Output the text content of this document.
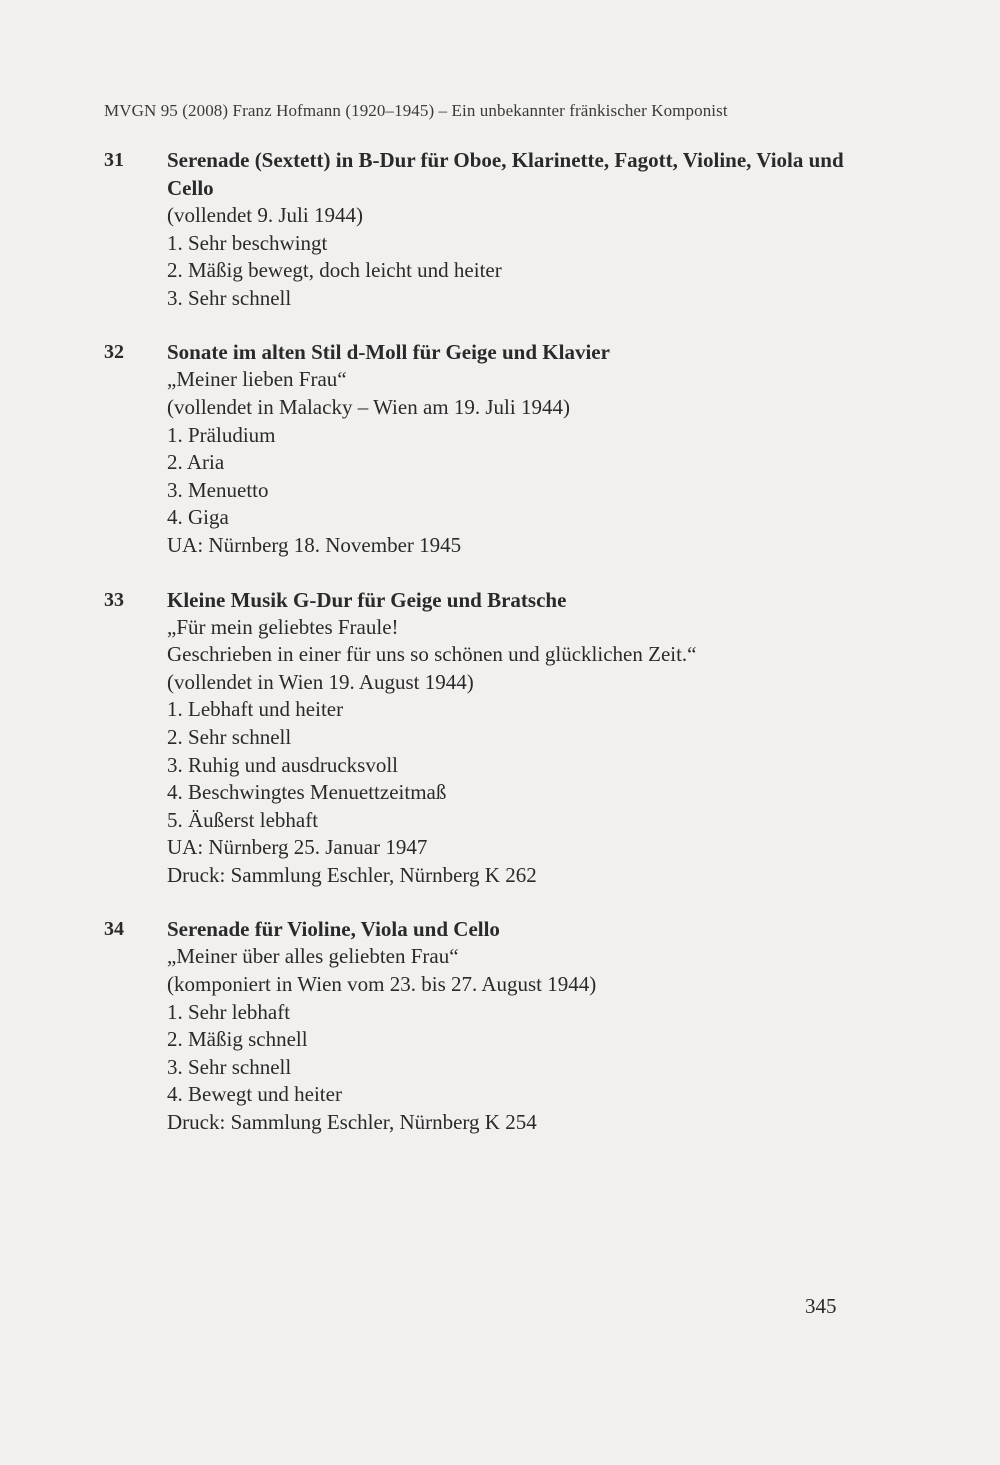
MVGN 95 (2008) Franz Hofmann (1920–1945) – Ein unbekannter fränkischer Komponist
31 Serenade (Sextett) in B-Dur für Oboe, Klarinette, Fagott, Violine, Viola und Cello
(vollendet 9. Juli 1944)
1. Sehr beschwingt
2. Mäßig bewegt, doch leicht und heiter
3. Sehr schnell
32 Sonate im alten Stil d-Moll für Geige und Klavier
„Meiner lieben Frau“
(vollendet in Malacky – Wien am 19. Juli 1944)
1. Präludium
2. Aria
3. Menuetto
4. Giga
UA: Nürnberg 18. November 1945
33 Kleine Musik G-Dur für Geige und Bratsche
„Für mein geliebtes Fraule!
Geschrieben in einer für uns so schönen und glücklichen Zeit.“
(vollendet in Wien 19. August 1944)
1. Lebhaft und heiter
2. Sehr schnell
3. Ruhig und ausdrucksvoll
4. Beschwingtes Menuettzeitmaß
5. Äußerst lebhaft
UA: Nürnberg 25. Januar 1947
Druck: Sammlung Eschler, Nürnberg K 262
34 Serenade für Violine, Viola und Cello
„Meiner über alles geliebten Frau“
(komponiert in Wien vom 23. bis 27. August 1944)
1. Sehr lebhaft
2. Mäßig schnell
3. Sehr schnell
4. Bewegt und heiter
Druck: Sammlung Eschler, Nürnberg K 254
345
